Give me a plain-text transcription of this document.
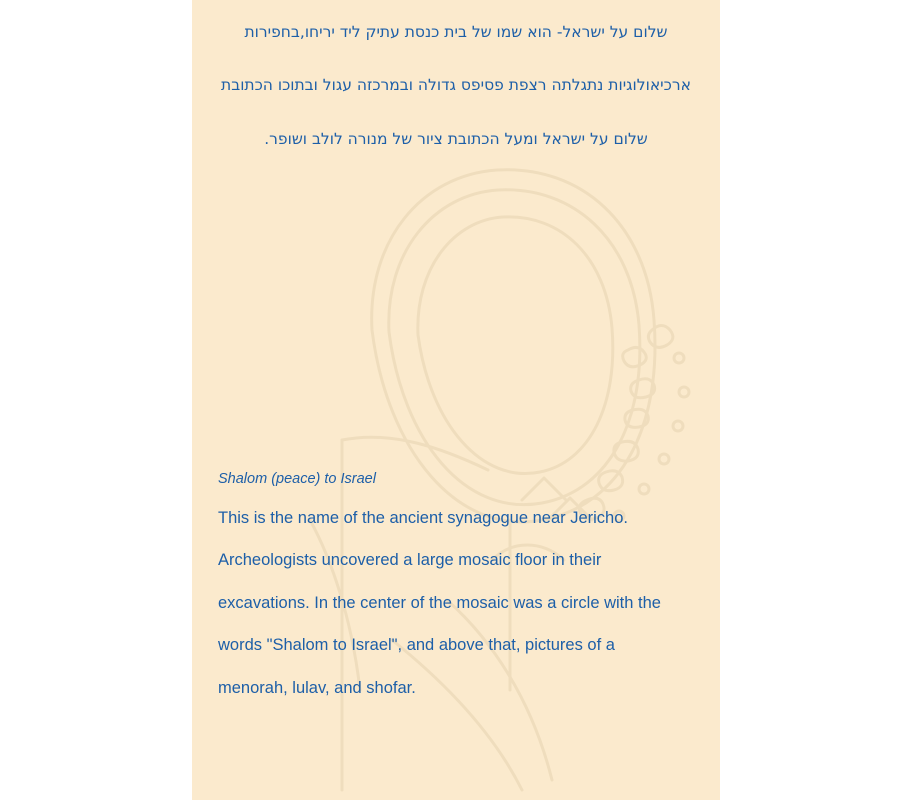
שלום על ישראל- הוא שמו של בית כנסת עתיק ליד יריחו,בחפירות

ארכיאולוגיות נתגלתה רצפת פסיפס גדולה ובמרכזה עגול ובתוכו הכתובת

שלום על ישראל ומעל הכתובת ציור של מנורה לולב ושופר.

Shalom (peace) to Israel
This is the name of the ancient synagogue near Jericho.
Archeologists uncovered a large mosaic floor in their
excavations. In the center of the mosaic was a circle with the
words "Shalom to Israel", and above that, pictures of a
menorah, lulav, and shofar.
